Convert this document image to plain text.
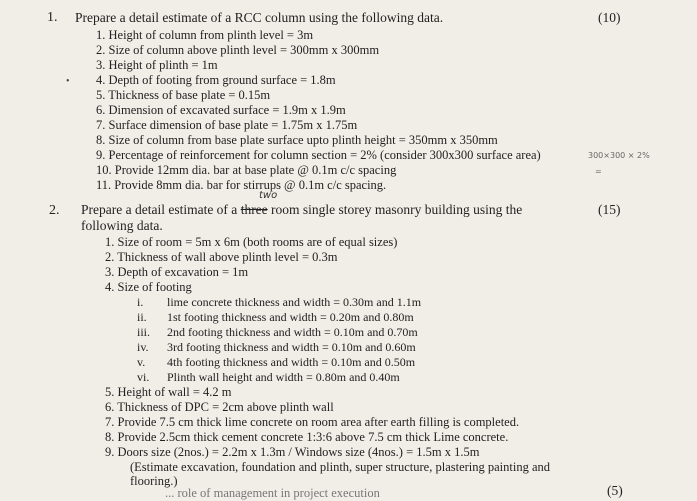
1. Prepare a detail estimate of a RCC column using the following data.	(10)
1. Height of column from plinth level = 3m
2. Size of column above plinth level = 300mm x 300mm
3. Height of plinth = 1m
• 4. Depth of footing from ground surface = 1.8m
5. Thickness of base plate = 0.15m
6. Dimension of excavated surface = 1.9m x 1.9m
7. Surface dimension of base plate = 1.75m x 1.75m
8. Size of column from base plate surface upto plinth height = 350mm x 350mm
9. Percentage of reinforcement for column section = 2% (consider 300x300 surface area)	300×300 × 2%
10. Provide 12mm dia. bar at base plate @ 0.1m c/c spacing	=
11. Provide 8mm dia. bar for stirrups @ 0.1m c/c spacing.
two
2. Prepare a detail estimate of a three room single storey masonry building using the	(15)
following data.
1. Size of room = 5m x 6m (both rooms are of equal sizes)
2. Thickness of wall above plinth level = 0.3m
3. Depth of excavation = 1m
4. Size of footing
i. lime concrete thickness and width = 0.30m and 1.1m
ii. 1st footing thickness and width = 0.20m and 0.80m
iii. 2nd footing thickness and width = 0.10m and 0.70m
iv. 3rd footing thickness and width = 0.10m and 0.60m
v. 4th footing thickness and width = 0.10m and 0.50m
vi. Plinth wall height and width = 0.80m and 0.40m
5. Height of wall = 4.2 m
6. Thickness of DPC = 2cm above plinth wall
7. Provide 7.5 cm thick lime concrete on room area after earth filling is completed.
8. Provide 2.5cm thick cement concrete 1:3:6 above 7.5 cm thick Lime concrete.
9. Doors size (2nos.) = 2.2m x 1.3m / Windows size (4nos.) = 1.5m x 1.5m
(Estimate excavation, foundation and plinth, super structure, plastering painting and
flooring.)
... role of management in project execution	(5)
